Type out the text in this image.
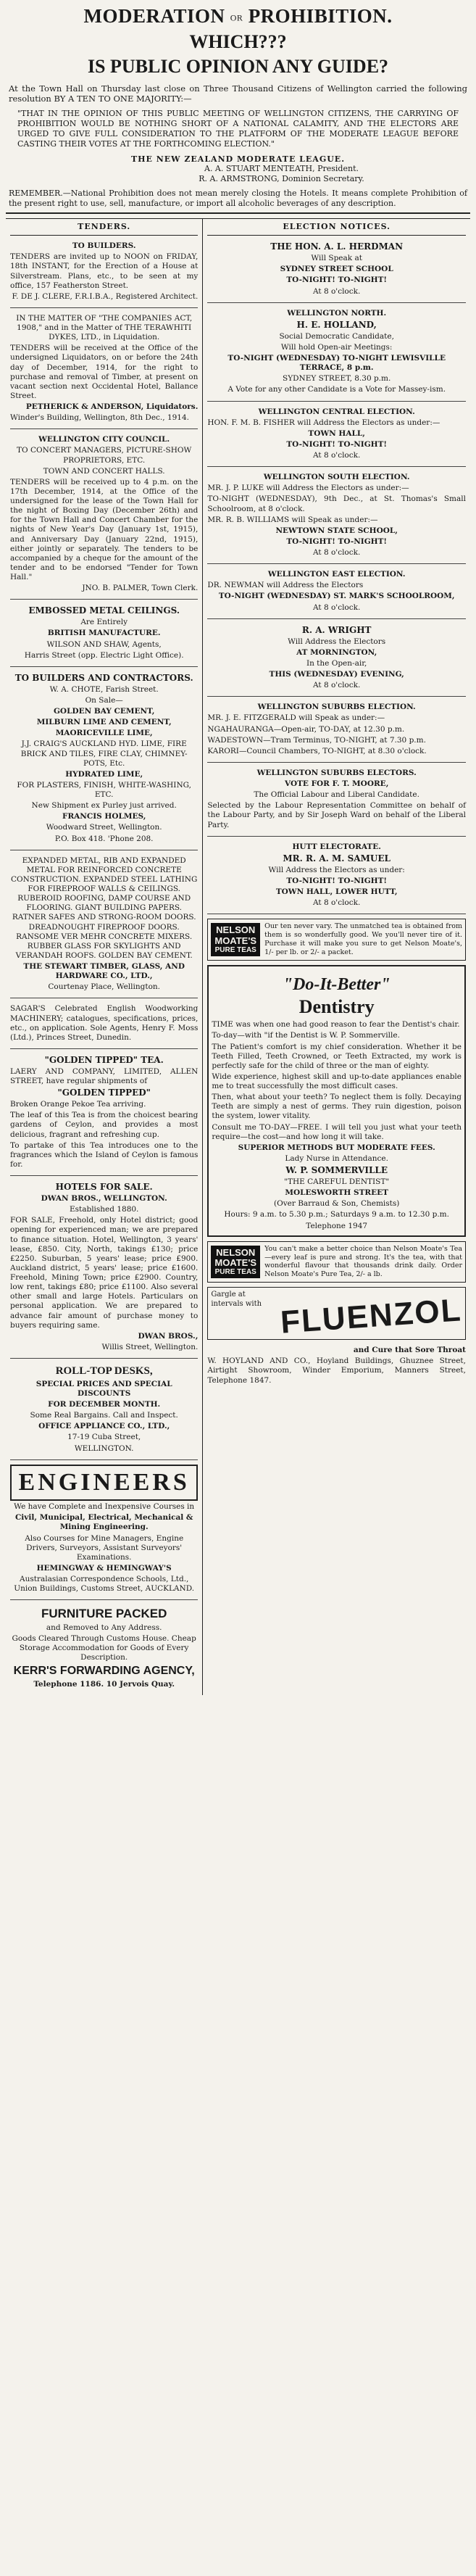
MODERATION OR PROHIBITION.
WHICH???
IS PUBLIC OPINION ANY GUIDE?
At the Town Hall on Thursday last close on Three Thousand Citizens of Wellington carried the following resolution BY A TEN TO ONE MAJORITY:—
"THAT IN THE OPINION OF THIS PUBLIC MEETING OF WELLINGTON CITIZENS, THE CARRYING OF PROHIBITION WOULD BE NOTHING SHORT OF A NATIONAL CALAMITY, AND THE ELECTORS ARE URGED TO GIVE FULL CONSIDERATION TO THE PLATFORM OF THE MODERATE LEAGUE BEFORE CASTING THEIR VOTES AT THE FORTHCOMING ELECTION."
THE NEW ZEALAND MODERATE LEAGUE.
A. A. STUART MENTEATH, President.
R. A. ARMSTRONG, Dominion Secretary.
REMEMBER.—National Prohibition does not mean merely closing the Hotels. It means complete Prohibition of the present right to use, sell, manufacture, or import all alcoholic beverages of any description.
TENDERS.

TO BUILDERS.

TENDERS are invited up to NOON on FRIDAY, 18th INSTANT, for the Erection of a House at Silverstream. Plans, etc., to be seen at my office, 157 Featherston Street.

F. DE J. CLERE, F.R.I.B.A., Registered Architect.

IN THE MATTER OF "THE COMPANIES ACT, 1908," and in the Matter of THE TERAWHITI DYKES, LTD., in Liquidation.

TENDERS will be received at the Office of the undersigned Liquidators, on or before the 24th day of December, 1914, for the right to purchase and removal of Timber, at present on vacant section next Occidental Hotel, Ballance Street.

PETHERICK & ANDERSON, Liquidators.

Winder's Building, Wellington, 8th Dec., 1914.

WELLINGTON CITY COUNCIL.

TO CONCERT MANAGERS, PICTURE-SHOW PROPRIETORS, ETC.

TOWN AND CONCERT HALLS.

TENDERS will be received up to 4 p.m. on the 17th December, 1914, at the Office of the undersigned for the lease of the Town Hall for the night of Boxing Day (December 26th) and for the Town Hall and Concert Chamber for the nights of New Year's Day (January 1st, 1915), and Anniversary Day (January 22nd, 1915), either jointly or separately. The tenders to be accompanied by a cheque for the amount of the tender and to be endorsed "Tender for Town Hall."

JNO. B. PALMER, Town Clerk.

EMBOSSED METAL CEILINGS.

Are Entirely

BRITISH MANUFACTURE.

WILSON AND SHAW, Agents,

Harris Street (opp. Electric Light Office).

TO BUILDERS AND CONTRACTORS.

W. A. CHOTE, Farish Street.

On Sale—

GOLDEN BAY CEMENT,

MILBURN LIME AND CEMENT,

MAORICEVILLE LIME,

J.J. CRAIG'S AUCKLAND HYD. LIME, FIRE BRICK AND TILES, FIRE CLAY, CHIMNEY-POTS, Etc.

HYDRATED LIME,

FOR PLASTERS, FINISH, WHITE-WASHING, ETC.

New Shipment ex Purley just arrived.

FRANCIS HOLMES,

Woodward Street, Wellington.

P.O. Box 418. 'Phone 208.

EXPANDED METAL, RIB AND EXPANDED METAL FOR REINFORCED CONCRETE CONSTRUCTION. EXPANDED STEEL LATHING FOR FIREPROOF WALLS & CEILINGS. RUBEROID ROOFING, DAMP COURSE AND FLOORING. GIANT BUILDING PAPERS. RATNER SAFES AND STRONG-ROOM DOORS. DREADNOUGHT FIREPROOF DOORS. RANSOME VER MEHR CONCRETE MIXERS. RUBBER GLASS FOR SKYLIGHTS AND VERANDAH ROOFS. GOLDEN BAY CEMENT.

THE STEWART TIMBER, GLASS, AND HARDWARE CO., LTD.,

Courtenay Place, Wellington.

SAGAR'S Celebrated English Woodworking MACHINERY; catalogues, specifications, prices, etc., on application. Sole Agents, Henry F. Moss (Ltd.), Princes Street, Dunedin.

"GOLDEN TIPPED" TEA.

LAERY AND COMPANY, LIMITED, ALLEN STREET, have regular shipments of

"GOLDEN TIPPED"

Broken Orange Pekoe Tea arriving.

The leaf of this Tea is from the choicest bearing gardens of Ceylon, and provides a most delicious, fragrant and refreshing cup.

To partake of this Tea introduces one to the fragrances which the Island of Ceylon is famous for.

HOTELS FOR SALE.

DWAN BROS., WELLINGTON.

Established 1880.

FOR SALE, Freehold, only Hotel district; good opening for experienced man; we are prepared to finance situation. Hotel, Wellington, 3 years' lease, £850. City, North, takings £130; price £2250. Suburban, 5 years' lease; price £900. Auckland district, 5 years' lease; price £1600. Freehold, Mining Town; price £2900. Country, low rent, takings £80; price £1100. Also several other small and large Hotels. Particulars on personal application. We are prepared to advance fair amount of purchase money to buyers requiring same.

DWAN BROS.,

Willis Street, Wellington.

ROLL-TOP DESKS,

SPECIAL PRICES AND SPECIAL DISCOUNTS

FOR DECEMBER MONTH.

Some Real Bargains. Call and Inspect.

OFFICE APPLIANCE CO., LTD.,

17-19 Cuba Street,

WELLINGTON.

ENGINEERS

We have Complete and Inexpensive Courses in

Civil, Municipal, Electrical, Mechanical & Mining Engineering.

Also Courses for Mine Managers, Engine Drivers, Surveyors, Assistant Surveyors' Examinations.

HEMINGWAY & HEMINGWAY'S

Australasian Correspondence Schools, Ltd., Union Buildings, Customs Street, AUCKLAND.

FURNITURE PACKED

and Removed to Any Address.

Goods Cleared Through Customs House. Cheap Storage Accommodation for Goods of Every Description.

KERR'S FORWARDING AGENCY,

Telephone 1186. 10 Jervois Quay.

ELECTION NOTICES.

THE HON. A. L. HERDMAN

Will Speak at

SYDNEY STREET SCHOOL

TO-NIGHT! TO-NIGHT!

At 8 o'clock.

WELLINGTON NORTH.

H. E. HOLLAND,

Social Democratic Candidate,

Will hold Open-air Meetings:

TO-NIGHT (WEDNESDAY) TO-NIGHT LEWISVILLE TERRACE, 8 p.m.

SYDNEY STREET, 8.30 p.m.

A Vote for any other Candidate is a Vote for Massey-ism.

WELLINGTON CENTRAL ELECTION.

HON. F. M. B. FISHER will Address the Electors as under:—

TOWN HALL,

TO-NIGHT! TO-NIGHT!

At 8 o'clock.

WELLINGTON SOUTH ELECTION.

MR. J. P. LUKE will Address the Electors as under:—

TO-NIGHT (WEDNESDAY), 9th Dec., at St. Thomas's Small Schoolroom, at 8 o'clock.

MR. R. B. WILLIAMS will Speak as under:—

NEWTOWN STATE SCHOOL,

TO-NIGHT! TO-NIGHT!

At 8 o'clock.

WELLINGTON EAST ELECTION.

DR. NEWMAN will Address the Electors

TO-NIGHT (WEDNESDAY) ST. MARK'S SCHOOLROOM,

At 8 o'clock.

R. A. WRIGHT

Will Address the Electors

AT MORNINGTON,

In the Open-air,

THIS (WEDNESDAY) EVENING,

At 8 o'clock.

WELLINGTON SUBURBS ELECTION.

MR. J. E. FITZGERALD will Speak as under:—

NGAHAURANGA—Open-air, TO-DAY, at 12.30 p.m.

WADESTOWN—Tram Terminus, TO-NIGHT, at 7.30 p.m.

KARORI—Council Chambers, TO-NIGHT, at 8.30 o'clock.

WELLINGTON SUBURBS ELECTORS.

VOTE FOR F. T. MOORE,

The Official Labour and Liberal Candidate.

Selected by the Labour Representation Committee on behalf of the Labour Party, and by Sir Joseph Ward on behalf of the Liberal Party.

HUTT ELECTORATE.

MR. R. A. M. SAMUEL

Will Address the Electors as under:

TO-NIGHT! TO-NIGHT!

TOWN HALL, LOWER HUTT,

At 8 o'clock.

NELSON
MOATE'S
PURE TEAS
Our ten never vary. The unmatched tea is obtained from them is so wonderfully good. We you'll never tire of it. Purchase it will make you sure to get Nelson Moate's, 1/- per lb. or 2/- a packet.
"Do-It-Better"
Dentistry

TIME was when one had good reason to fear the Dentist's chair.

To-day—with "if the Dentist is W. P. Sommerville.

The Patient's comfort is my chief consideration. Whether it be Teeth Filled, Teeth Crowned, or Teeth Extracted, my work is perfectly safe for the child of three or the man of eighty.

Wide experience, highest skill and up-to-date appliances enable me to treat successfully the most difficult cases.

Then, what about your teeth? To neglect them is folly. Decaying Teeth are simply a nest of germs. They ruin digestion, poison the system, lower vitality.

Consult me TO-DAY—FREE. I will tell you just what your teeth require—the cost—and how long it will take.

SUPERIOR METHODS BUT MODERATE FEES.

Lady Nurse in Attendance.

W. P. SOMMERVILLE

"THE CAREFUL DENTIST"

MOLESWORTH STREET

(Over Barraud & Son, Chemists)

Hours: 9 a.m. to 5.30 p.m.; Saturdays 9 a.m. to 12.30 p.m.

Telephone 1947

NELSON
MOATE'S
PURE TEAS
You can't make a better choice than Nelson Moate's Tea—every leaf is pure and strong. It's the tea, with that wonderful flavour that thousands drink daily. Order Nelson Moate's Pure Tea, 2/- a lb.

Gargle at intervals with FLUENZOL

and Cure that Sore Throat

W. HOYLAND AND CO., Hoyland Buildings, Ghuznee Street, Airtight Showroom, Winder Emporium, Manners Street, Telephone 1847.
